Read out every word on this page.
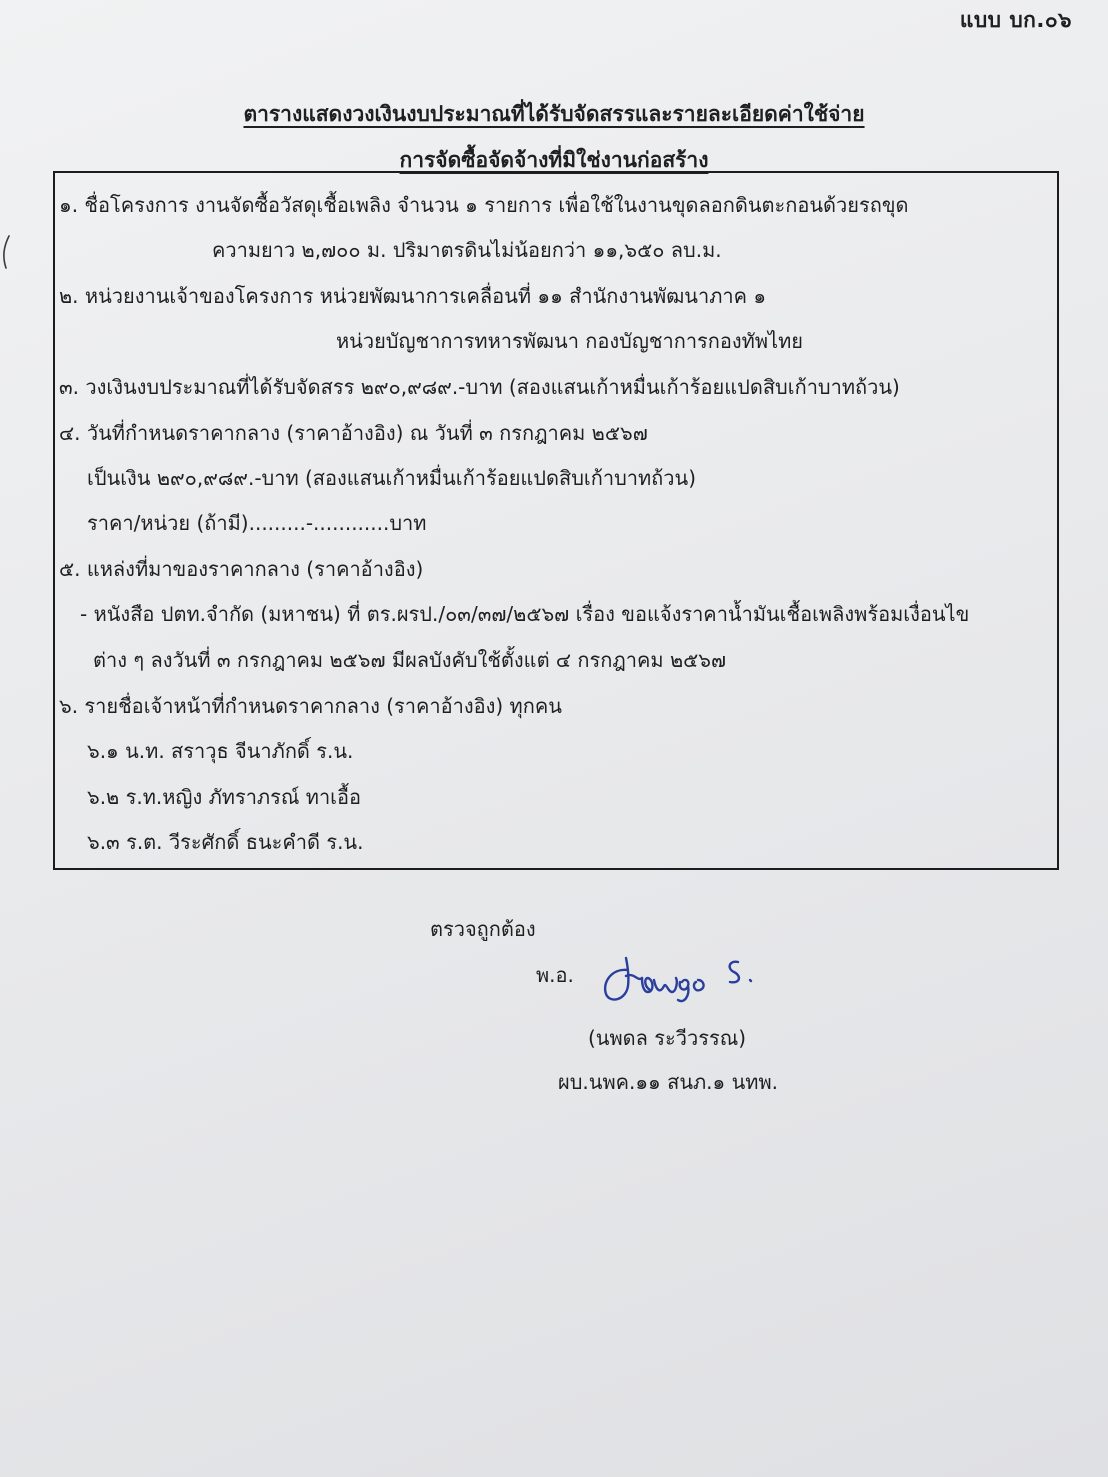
แบบ บก.๐๖
ตารางแสดงวงเงินงบประมาณที่ได้รับจัดสรรและรายละเอียดค่าใช้จ่าย
การจัดซื้อจัดจ้างที่มิใช่งานก่อสร้าง
๑. ชื่อโครงการ งานจัดซื้อวัสดุเชื้อเพลิง จำนวน ๑ รายการ เพื่อใช้ในงานขุดลอกดินตะกอนด้วยรถขุด
ความยาว ๒,๗๐๐ ม. ปริมาตรดินไม่น้อยกว่า ๑๑,๖๕๐ ลบ.ม.
๒. หน่วยงานเจ้าของโครงการ หน่วยพัฒนาการเคลื่อนที่ ๑๑ สำนักงานพัฒนาภาค ๑
หน่วยบัญชาการทหารพัฒนา กองบัญชาการกองทัพไทย
๓. วงเงินงบประมาณที่ได้รับจัดสรร ๒๙๐,๙๘๙.-บาท (สองแสนเก้าหมื่นเก้าร้อยแปดสิบเก้าบาทถ้วน)
๔. วันที่กำหนดราคากลาง (ราคาอ้างอิง) ณ วันที่ ๓ กรกฎาคม ๒๕๖๗
เป็นเงิน ๒๙๐,๙๘๙.-บาท (สองแสนเก้าหมื่นเก้าร้อยแปดสิบเก้าบาทถ้วน)
ราคา/หน่วย (ถ้ามี).........-............บาท
๕. แหล่งที่มาของราคากลาง (ราคาอ้างอิง)
- หนังสือ ปตท.จำกัด (มหาชน) ที่ ตร.ผรป./๐๓/๓๗/๒๕๖๗ เรื่อง ขอแจ้งราคาน้ำมันเชื้อเพลิงพร้อมเงื่อนไข
ต่าง ๆ ลงวันที่ ๓ กรกฎาคม ๒๕๖๗ มีผลบังคับใช้ตั้งแต่ ๔ กรกฎาคม ๒๕๖๗
๖. รายชื่อเจ้าหน้าที่กำหนดราคากลาง (ราคาอ้างอิง) ทุกคน
๖.๑ น.ท. สราวุธ จีนาภักดิ์ ร.น.
๖.๒ ร.ท.หญิง ภัทราภรณ์ ทาเอื้อ
๖.๓ ร.ต. วีระศักดิ์ ธนะคำดี ร.น.
ตรวจถูกต้อง
พ.อ.
(นพดล ระวีวรรณ)
ผบ.นพค.๑๑ สนภ.๑ นทพ.
